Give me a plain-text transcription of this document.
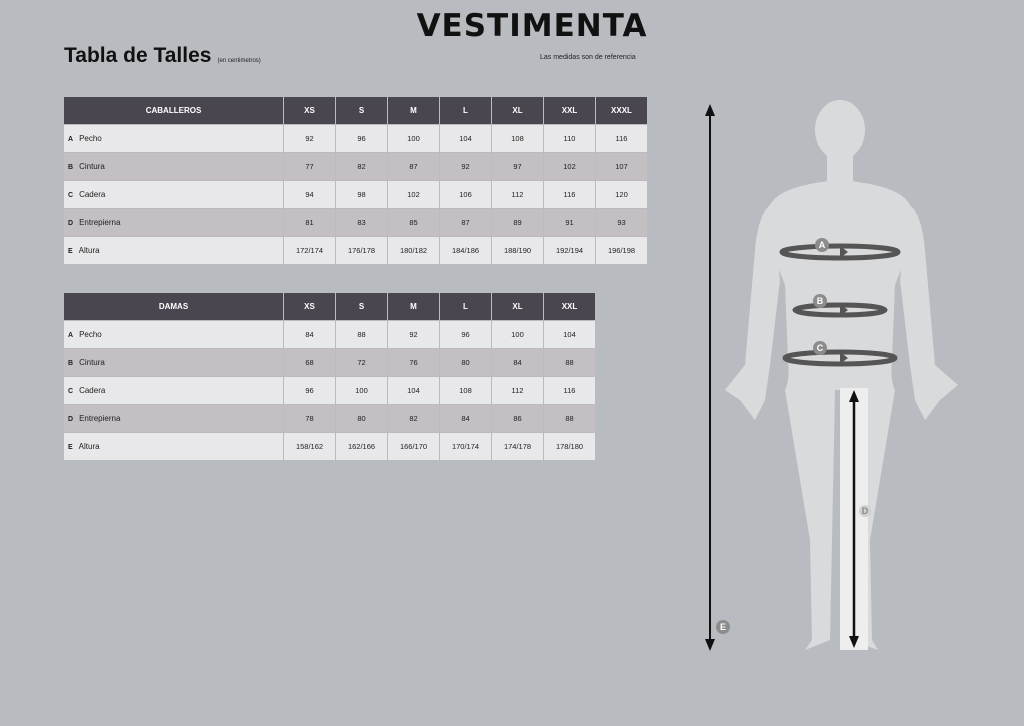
VESTIMENTA
Tabla de Talles (en centimetros)	Las medidas son de referencia
CABALLEROS	XS	S	M	L	XL	XXL	XXXL
A Pecho	92	96	100	104	108	110	116
B Cintura	77	82	87	92	97	102	107
C Cadera	94	98	102	106	112	116	120
D Entrepierna	81	83	85	87	89	91	93
E Altura	172/174	176/178	180/182	184/186	188/190	192/194	196/198
DAMAS	XS	S	M	L	XL	XXL
A Pecho	84	88	92	96	100	104
B Cintura	68	72	76	80	84	88
C Cadera	96	100	104	108	112	116
D Entrepierna	78	80	82	84	86	88
E Altura	158/162	162/166	166/170	170/174	174/178	178/180
A
B
C
D
E
